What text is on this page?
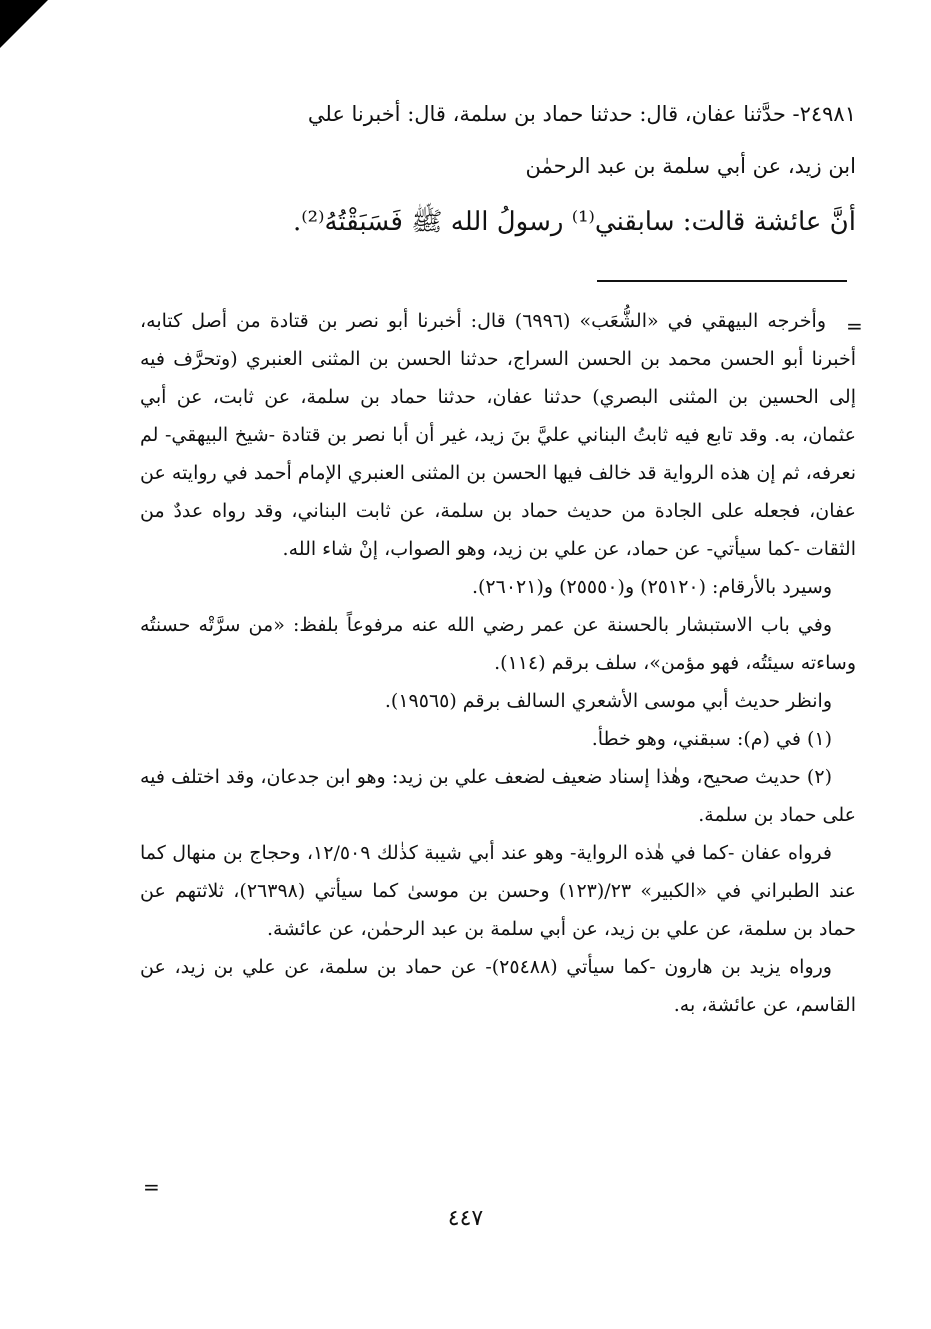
٢٤٩٨١- حدَّثنا عفان، قال: حدثنا حماد بن سلمة، قال: أخبرنا علي
ابن زيد، عن أبي سلمة بن عبد الرحمٰن

أنَّ عائشة قالت: سابقني⁽¹⁾ رسولُ الله ﷺ فَسَبَقْتُهُ⁽²⁾.

=

وأخرجه البيهقي في «الشُّعَب» (٦٩٩٦) قال: أخبرنا أبو نصر بن قتادة من أصل كتابه، أخبرنا أبو الحسن محمد بن الحسن السراج، حدثنا الحسن بن المثنى العنبري (وتحرَّف فيه إلى الحسين بن المثنى البصري) حدثنا عفان، حدثنا حماد بن سلمة، عن ثابت، عن أبي عثمان، به. وقد تابع فيه ثابتُ البناني عليَّ بنَ زيد، غير أن أبا نصر بن قتادة -شيخ البيهقي- لم نعرفه، ثم إن هذه الرواية قد خالف فيها الحسن بن المثنى العنبري الإمام أحمد في روايته عن عفان، فجعله على الجادة من حديث حماد بن سلمة، عن ثابت البناني، وقد رواه عددٌ من الثقات -كما سيأتي- عن حماد، عن علي بن زيد، وهو الصواب، إنْ شاء الله.

وسيرد بالأرقام: (٢٥١٢٠) و(٢٥٥٥٠) و(٢٦٠٢١).

وفي باب الاستبشار بالحسنة عن عمر رضي الله عنه مرفوعاً بلفظ: «من سرَّتْه حسنتُه وساءته سيئتُه، فهو مؤمن»، سلف برقم (١١٤).

وانظر حديث أبي موسى الأشعري السالف برقم (١٩٥٦٥).

(١) في (م): سبقني، وهو خطأ.

(٢) حديث صحيح، وهٰذا إسناد ضعيف لضعف علي بن زيد: وهو ابن جدعان، وقد اختلف فيه على حماد بن سلمة.

فرواه عفان -كما في هٰذه الرواية- وهو عند أبي شيبة كذٰلك ١٢/٥٠٩، وحجاج بن منهال كما عند الطبراني في «الكبير» ٢٣/(١٢٣) وحسن بن موسىٰ كما سيأتي (٢٦٣٩٨)، ثلاثتهم عن حماد بن سلمة، عن علي بن زيد، عن أبي سلمة بن عبد الرحمٰن، عن عائشة.

ورواه يزيد بن هارون -كما سيأتي (٢٥٤٨٨)- عن حماد بن سلمة، عن علي بن زيد، عن القاسم، عن عائشة، به.

=
٤٤٧
